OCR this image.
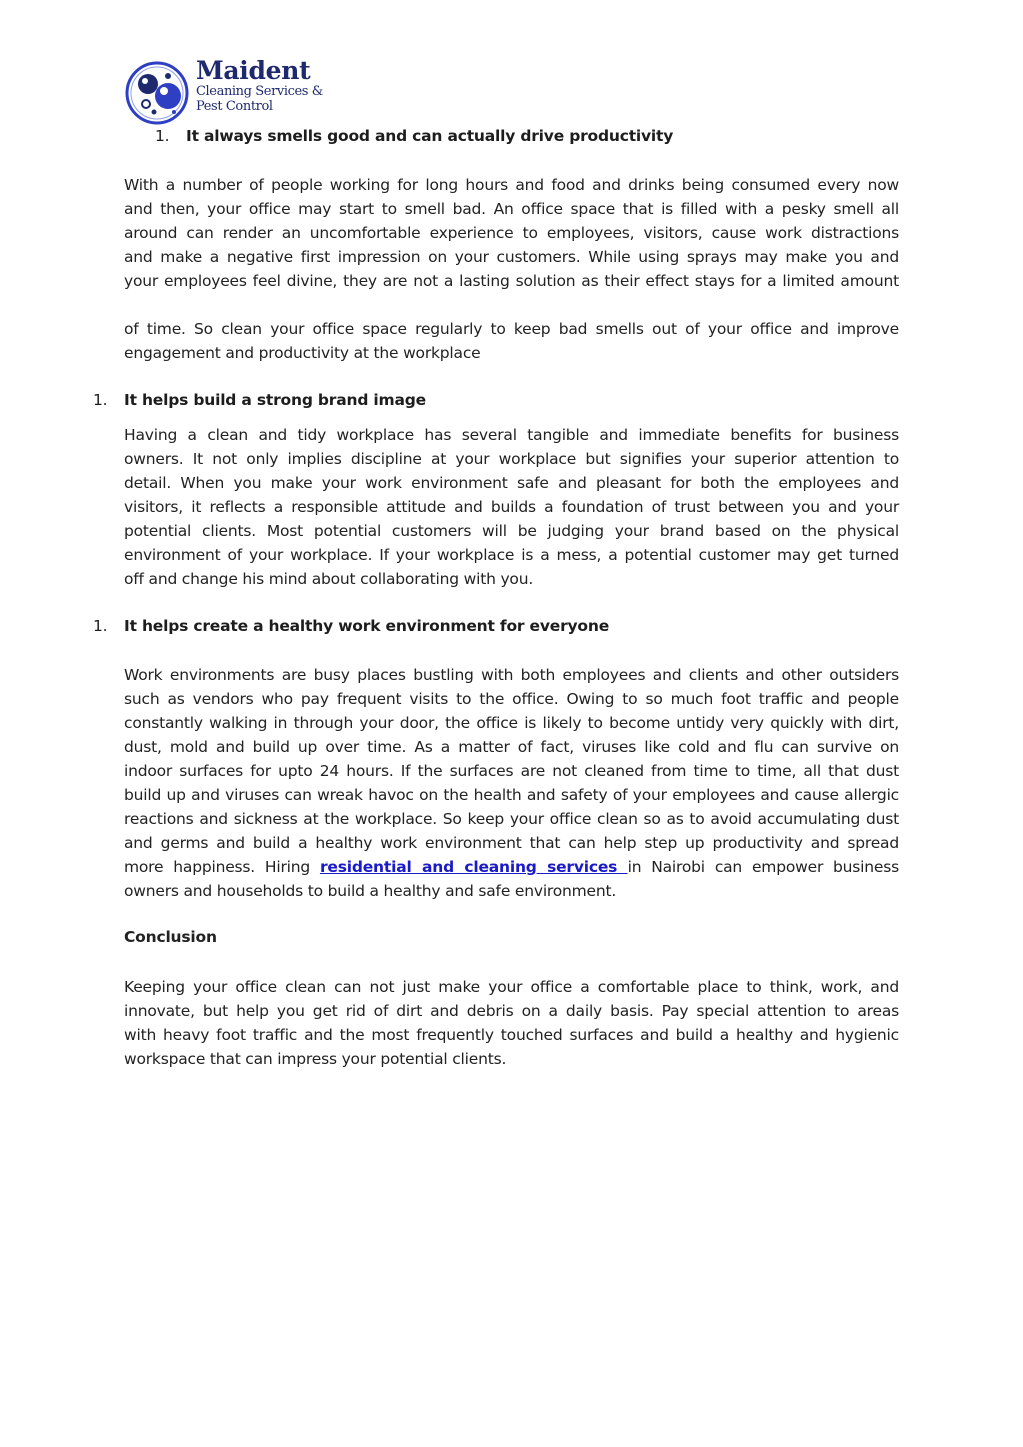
Maident
Cleaning Services &
Pest Control
1. It always smells good and can actually drive productivity
With a number of people working for long hours and food and drinks being consumed every now
and then, your office may start to smell bad. An office space that is filled with a pesky smell all
around can render an uncomfortable experience to employees, visitors, cause work distractions
and make a negative first impression on your customers. While using sprays may make you and
your employees feel divine, they are not a lasting solution as their effect stays for a limited amount
of time. So clean your office space regularly to keep bad smells out of your office and improve
engagement and productivity at the workplace
1. It helps build a strong brand image
Having a clean and tidy workplace has several tangible and immediate benefits for business
owners. It not only implies discipline at your workplace but signifies your superior attention to
detail. When you make your work environment safe and pleasant for both the employees and
visitors, it reflects a responsible attitude and builds a foundation of trust between you and your
potential clients. Most potential customers will be judging your brand based on the physical
environment of your workplace. If your workplace is a mess, a potential customer may get turned
off and change his mind about collaborating with you.
1. It helps create a healthy work environment for everyone
Work environments are busy places bustling with both employees and clients and other outsiders
such as vendors who pay frequent visits to the office. Owing to so much foot traffic and people
constantly walking in through your door, the office is likely to become untidy very quickly with dirt,
dust, mold and build up over time. As a matter of fact, viruses like cold and flu can survive on
indoor surfaces for upto 24 hours. If the surfaces are not cleaned from time to time, all that dust
build up and viruses can wreak havoc on the health and safety of your employees and cause allergic
reactions and sickness at the workplace. So keep your office clean so as to avoid accumulating dust
and germs and build a healthy work environment that can help step up productivity and spread
more happiness. Hiring residential and cleaning services in Nairobi can empower business
owners and households to build a healthy and safe environment.
Conclusion
Keeping your office clean can not just make your office a comfortable place to think, work, and
innovate, but help you get rid of dirt and debris on a daily basis. Pay special attention to areas
with heavy foot traffic and the most frequently touched surfaces and build a healthy and hygienic
workspace that can impress your potential clients.
